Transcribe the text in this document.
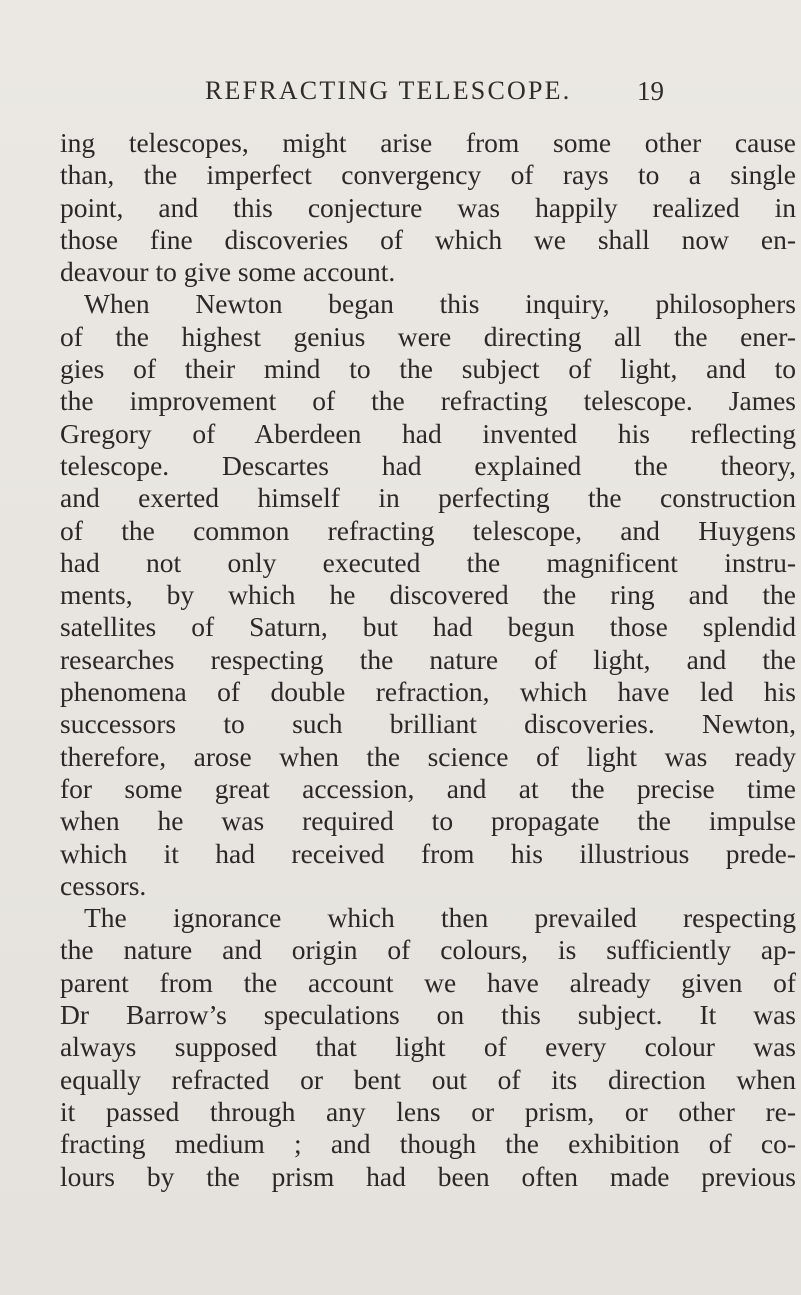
REFRACTING TELESCOPE. 19
ing telescopes, might arise from some other cause
than, the imperfect convergency of rays to a single
point, and this conjecture was happily realized in
those fine discoveries of which we shall now en-
deavour to give some account.
When Newton began this inquiry, philosophers
of the highest genius were directing all the ener-
gies of their mind to the subject of light, and to
the improvement of the refracting telescope. James
Gregory of Aberdeen had invented his reflecting
telescope. Descartes had explained the theory,
and exerted himself in perfecting the construction
of the common refracting telescope, and Huygens
had not only executed the magnificent instru-
ments, by which he discovered the ring and the
satellites of Saturn, but had begun those splendid
researches respecting the nature of light, and the
phenomena of double refraction, which have led his
successors to such brilliant discoveries. Newton,
therefore, arose when the science of light was ready
for some great accession, and at the precise time
when he was required to propagate the impulse
which it had received from his illustrious prede-
cessors.
The ignorance which then prevailed respecting
the nature and origin of colours, is sufficiently ap-
parent from the account we have already given of
Dr Barrow’s speculations on this subject. It was
always supposed that light of every colour was
equally refracted or bent out of its direction when
it passed through any lens or prism, or other re-
fracting medium ; and though the exhibition of co-
lours by the prism had been often made previous
